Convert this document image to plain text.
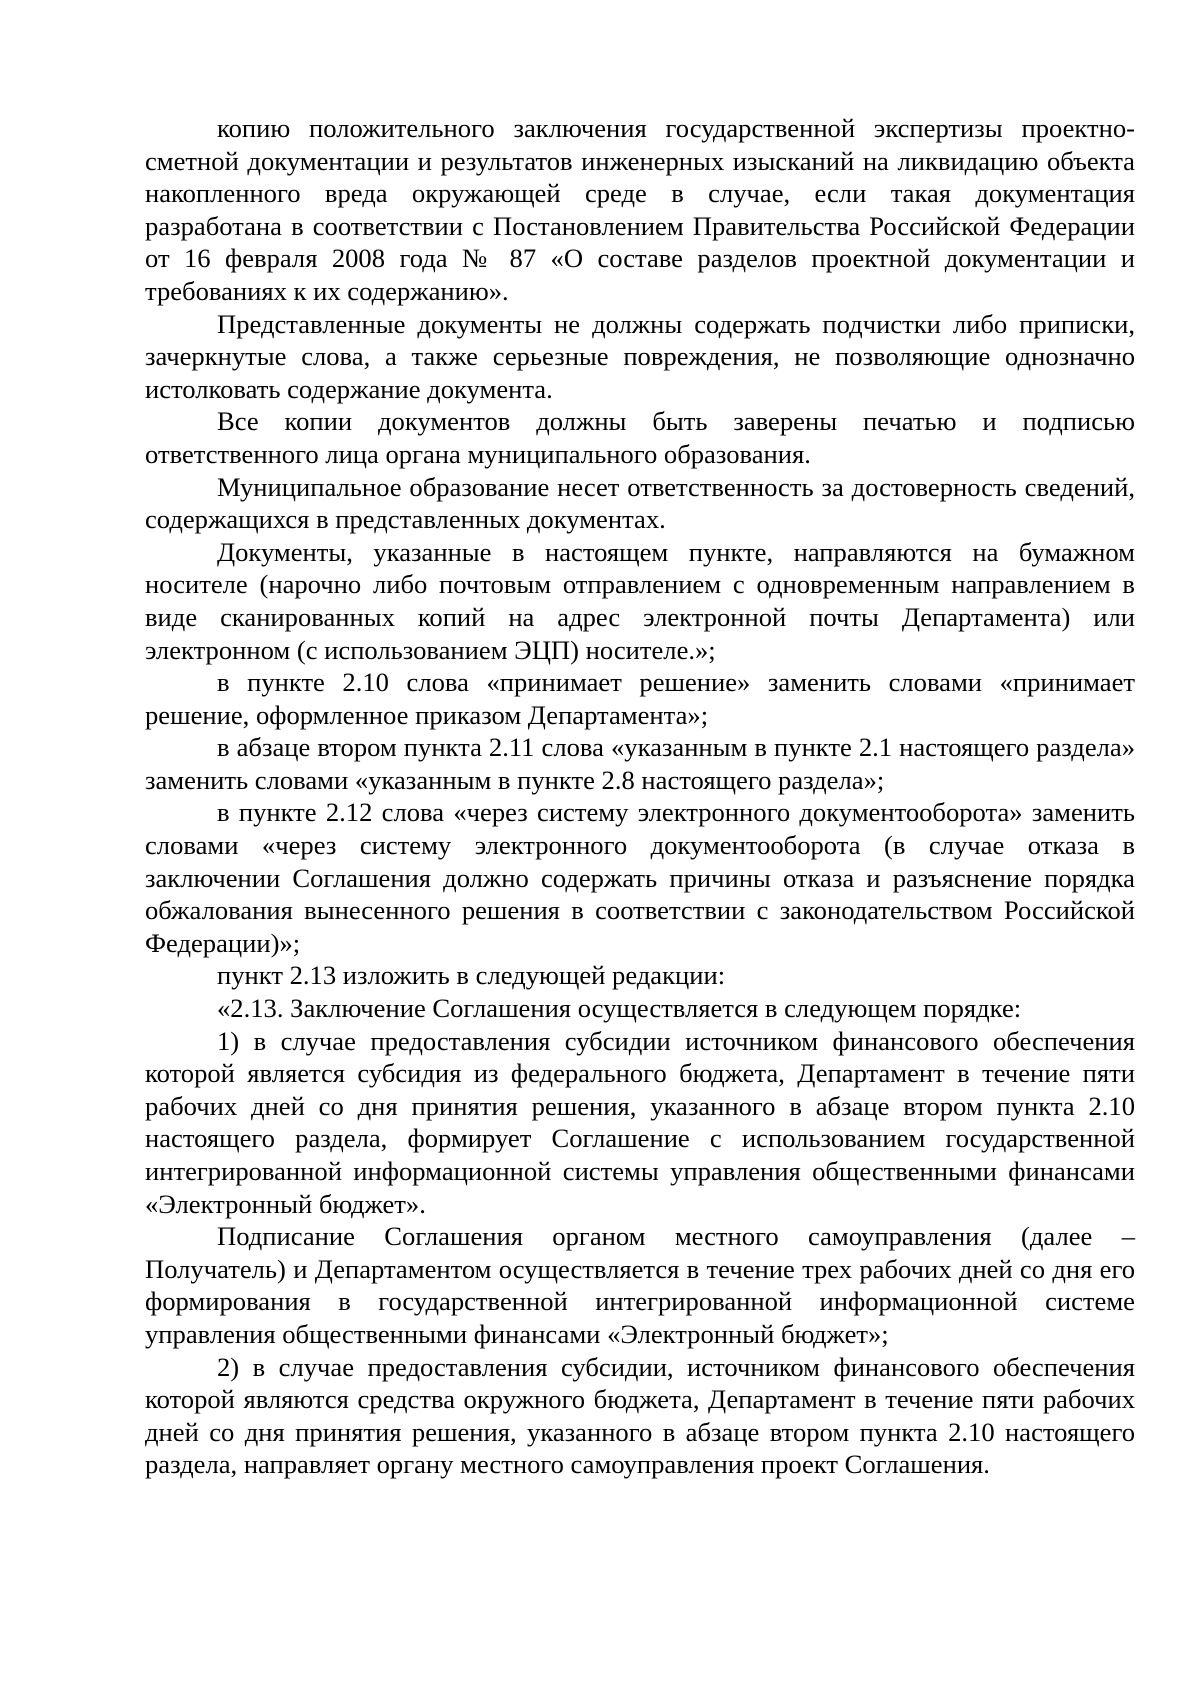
копию положительного заключения государственной экспертизы проектно-сметной документации и результатов инженерных изысканий на ликвидацию объекта накопленного вреда окружающей среде в случае, если такая документация разработана в соответствии с Постановлением Правительства Российской Федерации от 16 февраля 2008 года № 87 «О составе разделов проектной документации и требованиях к их содержанию».

Представленные документы не должны содержать подчистки либо приписки, зачеркнутые слова, а также серьезные повреждения, не позволяющие однозначно истолковать содержание документа.

Все копии документов должны быть заверены печатью и подписью ответственного лица органа муниципального образования.

Муниципальное образование несет ответственность за достоверность сведений, содержащихся в представленных документах.

Документы, указанные в настоящем пункте, направляются на бумажном носителе (нарочно либо почтовым отправлением с одновременным направлением в виде сканированных копий на адрес электронной почты Департамента) или электронном (с использованием ЭЦП) носителе.»;

в пункте 2.10 слова «принимает решение» заменить словами «принимает решение, оформленное приказом Департамента»;

в абзаце втором пункта 2.11 слова «указанным в пункте 2.1 настоящего раздела» заменить словами «указанным в пункте 2.8 настоящего раздела»;

в пункте 2.12 слова «через систему электронного документооборота» заменить словами «через систему электронного документооборота (в случае отказа в заключении Соглашения должно содержать причины отказа и разъяснение порядка обжалования вынесенного решения в соответствии с законодательством Российской Федерации)»;

пункт 2.13 изложить в следующей редакции:

«2.13. Заключение Соглашения осуществляется в следующем порядке:

1) в случае предоставления субсидии источником финансового обеспечения которой является субсидия из федерального бюджета, Департамент в течение пяти рабочих дней со дня принятия решения, указанного в абзаце втором пункта 2.10 настоящего раздела, формирует Соглашение с использованием государственной интегрированной информационной системы управления общественными финансами «Электронный бюджет».

Подписание Соглашения органом местного самоуправления (далее – Получатель) и Департаментом осуществляется в течение трех рабочих дней со дня его формирования в государственной интегрированной информационной системе управления общественными финансами «Электронный бюджет»;

2) в случае предоставления субсидии, источником финансового обеспечения которой являются средства окружного бюджета, Департамент в течение пяти рабочих дней со дня принятия решения, указанного в абзаце втором пункта 2.10 настоящего раздела, направляет органу местного самоуправления проект Соглашения.
